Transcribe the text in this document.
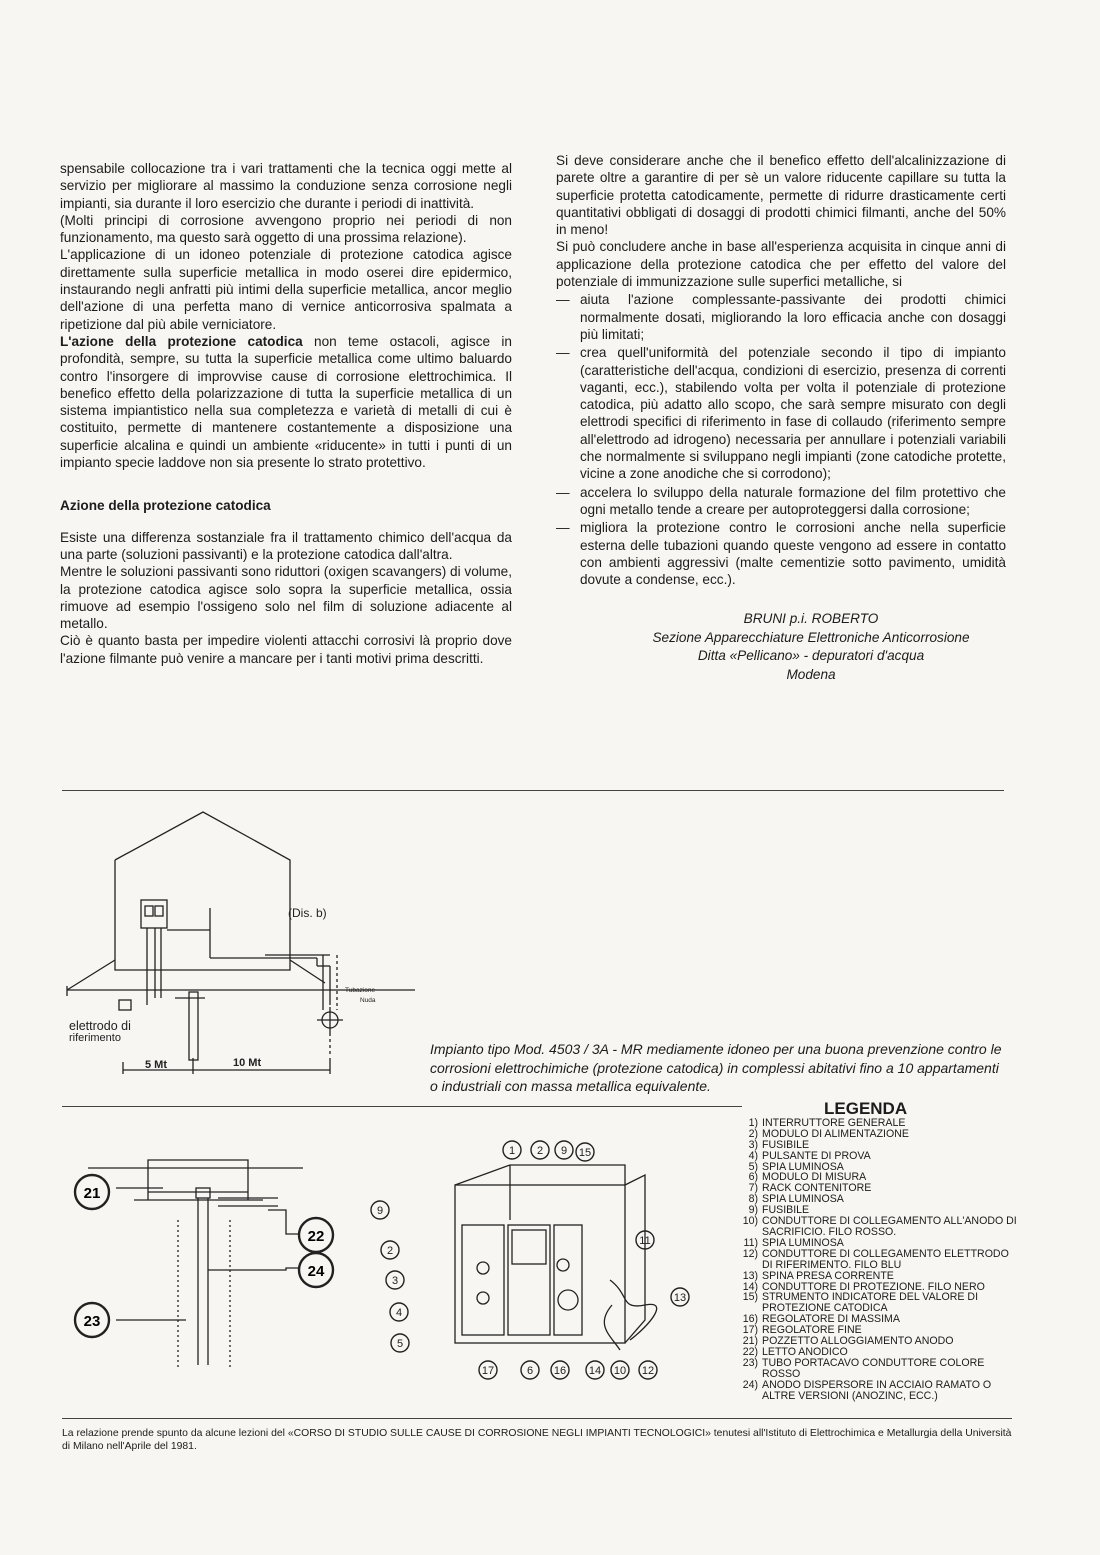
spensabile collocazione tra i vari trattamenti che la tecnica oggi mette al servizio per migliorare al massimo la conduzione senza corrosione negli impianti, sia durante il loro esercizio che durante i periodi di inattività.

(Molti principi di corrosione avvengono proprio nei periodi di non funzionamento, ma questo sarà oggetto di una prossima relazione).

L'applicazione di un idoneo potenziale di protezione catodica agisce direttamente sulla superficie metallica in modo oserei dire epidermico, instaurando negli anfratti più intimi della superficie metallica, ancor meglio dell'azione di una perfetta mano di vernice anticorrosiva spalmata a ripetizione dal più abile verniciatore.

L'azione della protezione catodica non teme ostacoli, agisce in profondità, sempre, su tutta la superficie metallica come ultimo baluardo contro l'insorgere di improvvise cause di corrosione elettrochimica. Il benefico effetto della polarizzazione di tutta la superficie metallica di un sistema impiantistico nella sua completezza e varietà di metalli di cui è costituito, permette di mantenere costantemente a disposizione una superficie alcalina e quindi un ambiente «riducente» in tutti i punti di un impianto specie laddove non sia presente lo strato protettivo.

Azione della protezione catodica

Esiste una differenza sostanziale fra il trattamento chimico dell'acqua da una parte (soluzioni passivanti) e la protezione catodica dall'altra.

Mentre le soluzioni passivanti sono riduttori (oxigen scavangers) di volume, la protezione catodica agisce solo sopra la superficie metallica, ossia rimuove ad esempio l'ossigeno solo nel film di soluzione adiacente al metallo.

Ciò è quanto basta per impedire violenti attacchi corrosivi là proprio dove l'azione filmante può venire a mancare per i tanti motivi prima descritti.

Si deve considerare anche che il benefico effetto dell'alcalinizzazione di parete oltre a garantire di per sè un valore riducente capillare su tutta la superficie protetta catodicamente, permette di ridurre drasticamente certi quantitativi obbligati di dosaggi di prodotti chimici filmanti, anche del 50% in meno!

Si può concludere anche in base all'esperienza acquisita in cinque anni di applicazione della protezione catodica che per effetto del valore del potenziale di immunizzazione sulle superfici metalliche, si

— aiuta l'azione complessante-passivante dei prodotti chimici normalmente dosati, migliorando la loro efficacia anche con dosaggi più limitati;

— crea quell'uniformità del potenziale secondo il tipo di impianto (caratteristiche dell'acqua, condizioni di esercizio, presenza di correnti vaganti, ecc.), stabilendo volta per volta il potenziale di protezione catodica, più adatto allo scopo, che sarà sempre misurato con degli elettrodi specifici di riferimento in fase di collaudo (riferimento sempre all'elettrodo ad idrogeno) necessaria per annullare i potenziali variabili che normalmente si sviluppano negli impianti (zone catodiche protette, vicine a zone anodiche che si corrodono);

— accelera lo sviluppo della naturale formazione del film protettivo che ogni metallo tende a creare per autoproteggersi dalla corrosione;

— migliora la protezione contro le corrosioni anche nella superficie esterna delle tubazioni quando queste vengono ad essere in contatto con ambienti aggressivi (malte cementizie sotto pavimento, umidità dovute a condense, ecc.).

BRUNI p.i. ROBERTO
Sezione Apparecchiature Elettroniche Anticorrosione
Ditta «Pellicano» - depuratori d'acqua
Modena
(Dis. b)
Tubazione
Nuda
elettrodo di
riferimento
5 Mt	10 Mt
Impianto tipo Mod. 4503 / 3A - MR mediamente idoneo per una buona prevenzione contro le corrosioni elettrochimiche (protezione catodica) in complessi abitativi fino a 10 appartamenti o industriali con massa metallica equivalente.
21
23
22
24
9
2
3
4
5
1 2 9 15
11
13
17	6 16 14 10 12
LEGENDA
1) INTERRUTTORE GENERALE
2) MODULO DI ALIMENTAZIONE
3) FUSIBILE
4) PULSANTE DI PROVA
5) SPIA LUMINOSA
6) MODULO DI MISURA
7) RACK CONTENITORE
8) SPIA LUMINOSA
9) FUSIBILE
10) CONDUTTORE DI COLLEGAMENTO ALL'ANODO DI SACRIFICIO. FILO ROSSO.
11) SPIA LUMINOSA
12) CONDUTTORE DI COLLEGAMENTO ELETTRODO DI RIFERIMENTO. FILO BLU
13) SPINA PRESA CORRENTE
14) CONDUTTORE DI PROTEZIONE. FILO NERO
15) STRUMENTO INDICATORE DEL VALORE DI PROTEZIONE CATODICA
16) REGOLATORE DI MASSIMA
17) REGOLATORE FINE
21) POZZETTO ALLOGGIAMENTO ANODO
22) LETTO ANODICO
23) TUBO PORTACAVO CONDUTTORE COLORE ROSSO
24) ANODO DISPERSORE IN ACCIAIO RAMATO O ALTRE VERSIONI (ANOZINC, ECC.)
La relazione prende spunto da alcune lezioni del «CORSO DI STUDIO SULLE CAUSE DI CORROSIONE NEGLI IMPIANTI TECNOLOGICI» tenutesi all'Istituto di Elettrochimica e Metallurgia della Università di Milano nell'Aprile del 1981.
